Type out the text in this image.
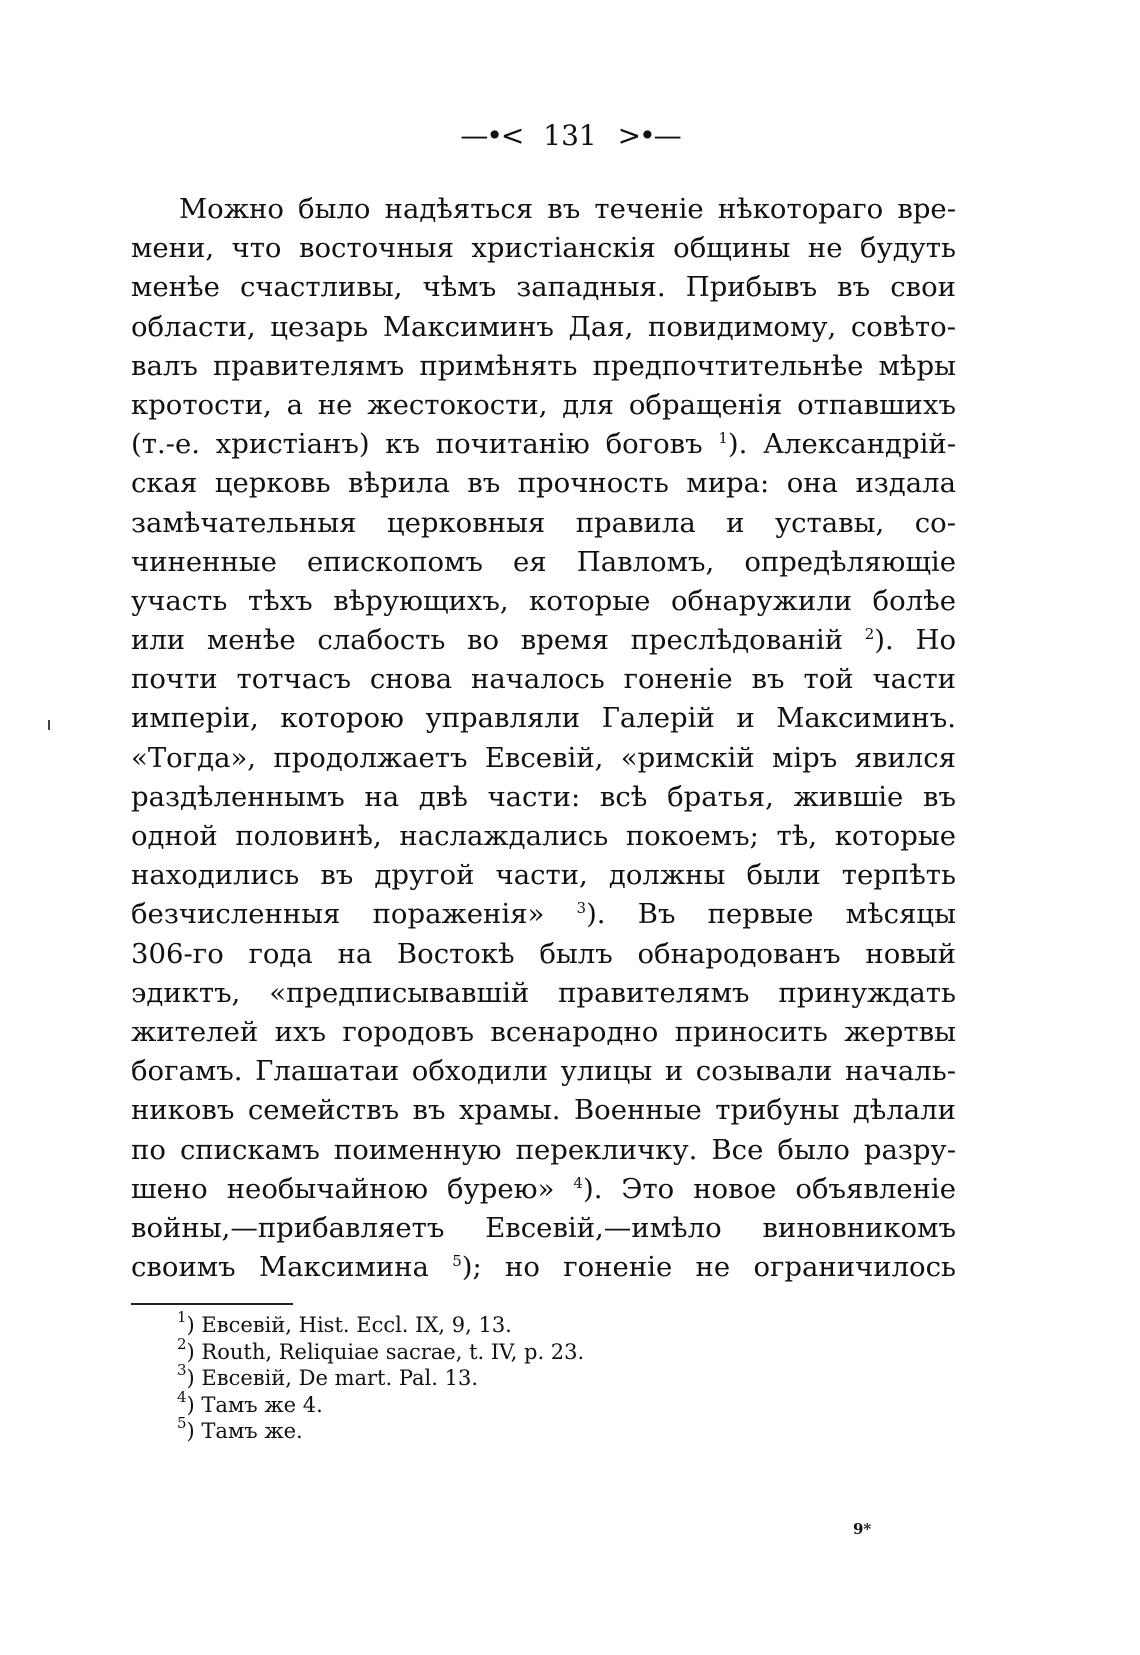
—•< 131 >•—
Можно было надѣяться въ теченіе нѣкотораго вре-
мени, что восточныя христіанскія общины не будуть
менѣе счастливы, чѣмъ западныя. Прибывъ въ свои
области, цезарь Максиминъ Дая, повидимому, совѣто-
валъ правителямъ примѣнять предпочтительнѣе мѣры
кротости, а не жестокости, для обращенія отпавшихъ
(т.-е. христіанъ) къ почитанію боговъ $^1$). Александрій-
ская церковь вѣрила въ прочность мира: она издала
замѣчательныя церковныя правила и уставы, со-
чиненные епископомъ ея Павломъ, опредѣляющіе
участь тѣхъ вѣрующихъ, которые обнаружили болѣе
или менѣе слабость во время преслѣдованій $^2$). Но
почти тотчасъ снова началось гоненіе въ той части
имперіи, которою управляли Галерій и Максиминъ.
«Тогда», продолжаетъ Евсевій, «римскій міръ явился
раздѣленнымъ на двѣ части: всѣ братья, жившіе въ
одной половинѣ, наслаждались покоемъ; тѣ, которые
находились въ другой части, должны были терпѣть
безчисленныя пораженія» $^3$). Въ первые мѣсяцы
306-го года на Востокѣ былъ обнародованъ новый
эдиктъ, «предписывавшій правителямъ принуждать
жителей ихъ городовъ всенародно приносить жертвы
богамъ. Глашатаи обходили улицы и созывали началь-
никовъ семействъ въ храмы. Военные трибуны дѣлали
по спискамъ поименную перекличку. Все было разру-
шено необычайною бурею» $^4$). Это новое объявленіе
войны,—прибавляетъ Евсевій,—имѣло виновникомъ
своимъ Максимина $^5$); но гоненіе не ограничилось
$^1$) Евсевій, Hist. Eccl. IX, 9, 13.
$^2$) Routh, Reliquiae sacrae, t. IV, p. 23.
$^3$) Евсевій, De mart. Pal. 13.
$^4$) Тамъ же 4.
$^5$) Тамъ же.
9*
